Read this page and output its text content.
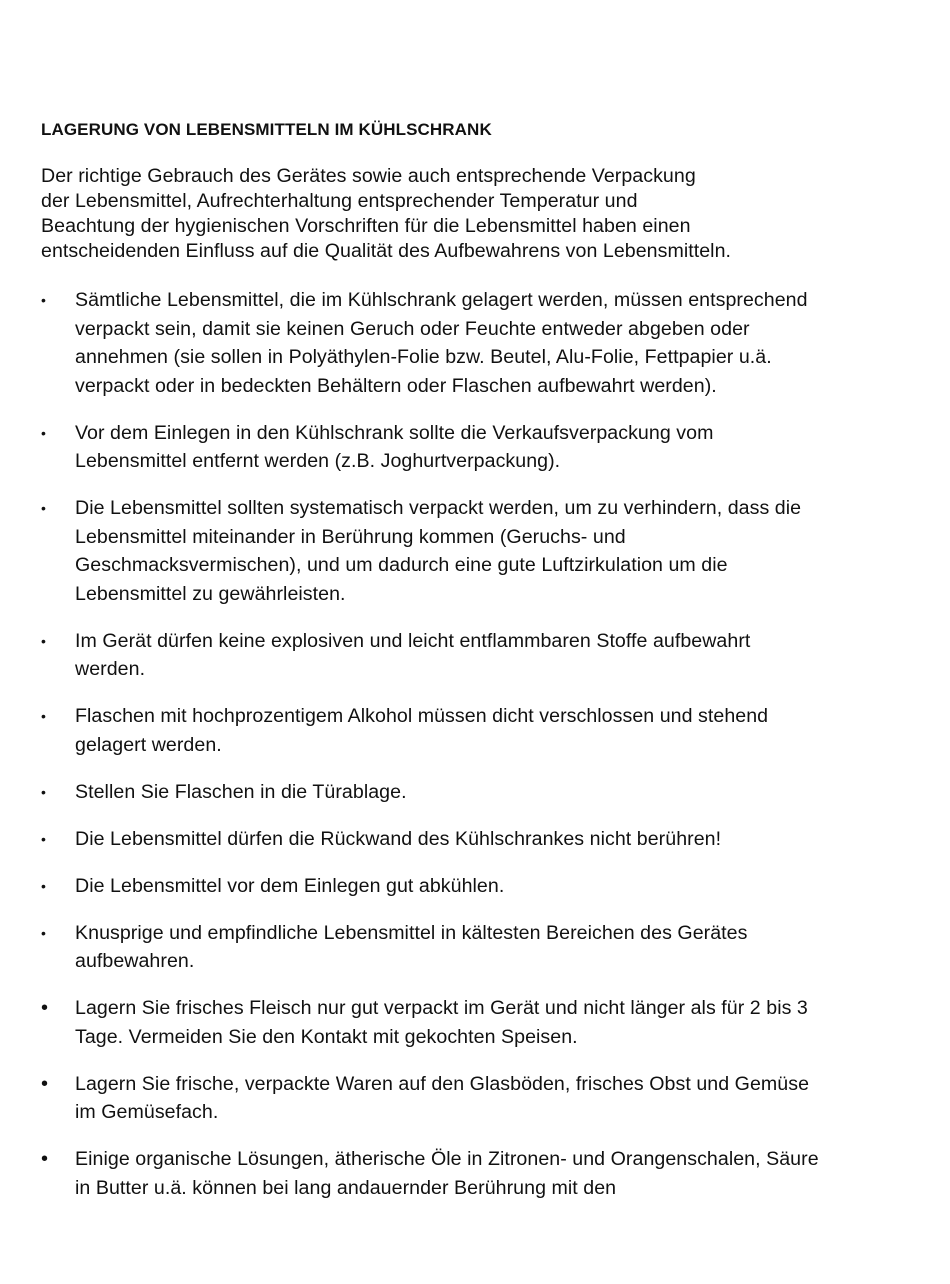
LAGERUNG VON LEBENSMITTELN IM KÜHLSCHRANK
Der richtige Gebrauch des Gerätes sowie auch entsprechende Verpackung
der Lebensmittel, Aufrechterhaltung entsprechender Temperatur und
Beachtung der hygienischen Vorschriften für die Lebensmittel haben einen
entscheidenden Einfluss auf die Qualität des Aufbewahrens von Lebensmitteln.
• Sämtliche Lebensmittel, die im Kühlschrank gelagert werden, müssen entsprechend
verpackt sein, damit sie keinen Geruch oder Feuchte entweder abgeben oder
annehmen (sie sollen in Polyäthylen-Folie bzw. Beutel, Alu-Folie, Fettpapier u.ä.
verpackt oder in bedeckten Behältern oder Flaschen aufbewahrt werden).
• Vor dem Einlegen in den Kühlschrank sollte die Verkaufsverpackung vom
Lebensmittel entfernt werden (z.B. Joghurtverpackung).
• Die Lebensmittel sollten systematisch verpackt werden, um zu verhindern, dass die
Lebensmittel miteinander in Berührung kommen (Geruchs- und
Geschmacksvermischen), und um dadurch eine gute Luftzirkulation um die
Lebensmittel zu gewährleisten.
• Im Gerät dürfen keine explosiven und leicht entflammbaren Stoffe aufbewahrt
werden.
• Flaschen mit hochprozentigem Alkohol müssen dicht verschlossen und stehend
gelagert werden.
• Stellen Sie Flaschen in die Türablage.
• Die Lebensmittel dürfen die Rückwand des Kühlschrankes nicht berühren!
• Die Lebensmittel vor dem Einlegen gut abkühlen.
• Knusprige und empfindliche Lebensmittel in kältesten Bereichen des Gerätes
aufbewahren.
• Lagern Sie frisches Fleisch nur gut verpackt im Gerät und nicht länger als für 2 bis 3
Tage. Vermeiden Sie den Kontakt mit gekochten Speisen.
• Lagern Sie frische, verpackte Waren auf den Glasböden, frisches Obst und Gemüse
im Gemüsefach.
• Einige organische Lösungen, ätherische Öle in Zitronen- und Orangenschalen, Säure
in Butter u.ä. können bei lang andauernder Berührung mit den
